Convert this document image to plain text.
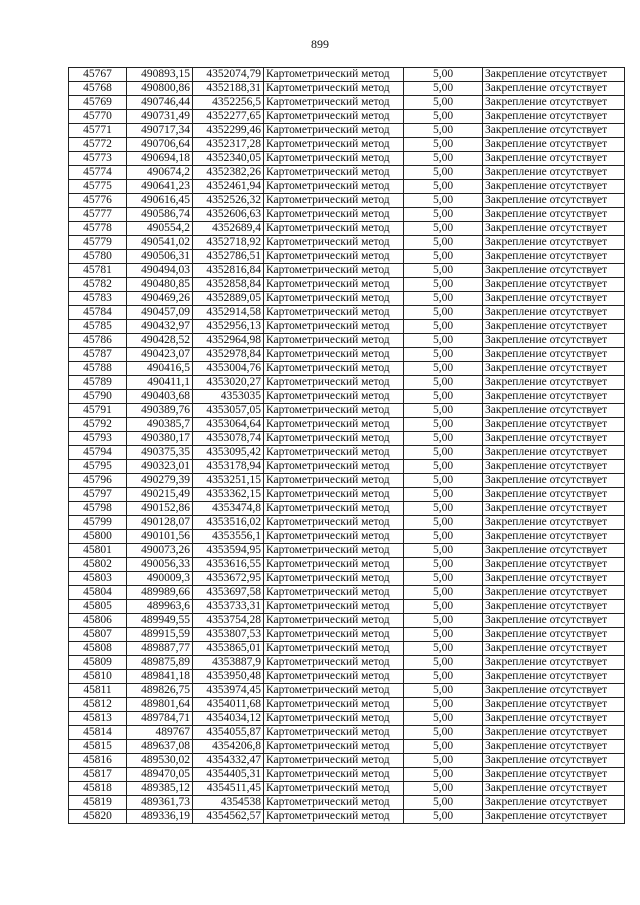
899
45767	490893,15	4352074,79	Картометрический метод	5,00	Закрепление отсутствует
45768	490800,86	4352188,31	Картометрический метод	5,00	Закрепление отсутствует
45769	490746,44	4352256,5	Картометрический метод	5,00	Закрепление отсутствует
45770	490731,49	4352277,65	Картометрический метод	5,00	Закрепление отсутствует
45771	490717,34	4352299,46	Картометрический метод	5,00	Закрепление отсутствует
45772	490706,64	4352317,28	Картометрический метод	5,00	Закрепление отсутствует
45773	490694,18	4352340,05	Картометрический метод	5,00	Закрепление отсутствует
45774	490674,2	4352382,26	Картометрический метод	5,00	Закрепление отсутствует
45775	490641,23	4352461,94	Картометрический метод	5,00	Закрепление отсутствует
45776	490616,45	4352526,32	Картометрический метод	5,00	Закрепление отсутствует
45777	490586,74	4352606,63	Картометрический метод	5,00	Закрепление отсутствует
45778	490554,2	4352689,4	Картометрический метод	5,00	Закрепление отсутствует
45779	490541,02	4352718,92	Картометрический метод	5,00	Закрепление отсутствует
45780	490506,31	4352786,51	Картометрический метод	5,00	Закрепление отсутствует
45781	490494,03	4352816,84	Картометрический метод	5,00	Закрепление отсутствует
45782	490480,85	4352858,84	Картометрический метод	5,00	Закрепление отсутствует
45783	490469,26	4352889,05	Картометрический метод	5,00	Закрепление отсутствует
45784	490457,09	4352914,58	Картометрический метод	5,00	Закрепление отсутствует
45785	490432,97	4352956,13	Картометрический метод	5,00	Закрепление отсутствует
45786	490428,52	4352964,98	Картометрический метод	5,00	Закрепление отсутствует
45787	490423,07	4352978,84	Картометрический метод	5,00	Закрепление отсутствует
45788	490416,5	4353004,76	Картометрический метод	5,00	Закрепление отсутствует
45789	490411,1	4353020,27	Картометрический метод	5,00	Закрепление отсутствует
45790	490403,68	4353035	Картометрический метод	5,00	Закрепление отсутствует
45791	490389,76	4353057,05	Картометрический метод	5,00	Закрепление отсутствует
45792	490385,7	4353064,64	Картометрический метод	5,00	Закрепление отсутствует
45793	490380,17	4353078,74	Картометрический метод	5,00	Закрепление отсутствует
45794	490375,35	4353095,42	Картометрический метод	5,00	Закрепление отсутствует
45795	490323,01	4353178,94	Картометрический метод	5,00	Закрепление отсутствует
45796	490279,39	4353251,15	Картометрический метод	5,00	Закрепление отсутствует
45797	490215,49	4353362,15	Картометрический метод	5,00	Закрепление отсутствует
45798	490152,86	4353474,8	Картометрический метод	5,00	Закрепление отсутствует
45799	490128,07	4353516,02	Картометрический метод	5,00	Закрепление отсутствует
45800	490101,56	4353556,1	Картометрический метод	5,00	Закрепление отсутствует
45801	490073,26	4353594,95	Картометрический метод	5,00	Закрепление отсутствует
45802	490056,33	4353616,55	Картометрический метод	5,00	Закрепление отсутствует
45803	490009,3	4353672,95	Картометрический метод	5,00	Закрепление отсутствует
45804	489989,66	4353697,58	Картометрический метод	5,00	Закрепление отсутствует
45805	489963,6	4353733,31	Картометрический метод	5,00	Закрепление отсутствует
45806	489949,55	4353754,28	Картометрический метод	5,00	Закрепление отсутствует
45807	489915,59	4353807,53	Картометрический метод	5,00	Закрепление отсутствует
45808	489887,77	4353865,01	Картометрический метод	5,00	Закрепление отсутствует
45809	489875,89	4353887,9	Картометрический метод	5,00	Закрепление отсутствует
45810	489841,18	4353950,48	Картометрический метод	5,00	Закрепление отсутствует
45811	489826,75	4353974,45	Картометрический метод	5,00	Закрепление отсутствует
45812	489801,64	4354011,68	Картометрический метод	5,00	Закрепление отсутствует
45813	489784,71	4354034,12	Картометрический метод	5,00	Закрепление отсутствует
45814	489767	4354055,87	Картометрический метод	5,00	Закрепление отсутствует
45815	489637,08	4354206,8	Картометрический метод	5,00	Закрепление отсутствует
45816	489530,02	4354332,47	Картометрический метод	5,00	Закрепление отсутствует
45817	489470,05	4354405,31	Картометрический метод	5,00	Закрепление отсутствует
45818	489385,12	4354511,45	Картометрический метод	5,00	Закрепление отсутствует
45819	489361,73	4354538	Картометрический метод	5,00	Закрепление отсутствует
45820	489336,19	4354562,57	Картометрический метод	5,00	Закрепление отсутствует
